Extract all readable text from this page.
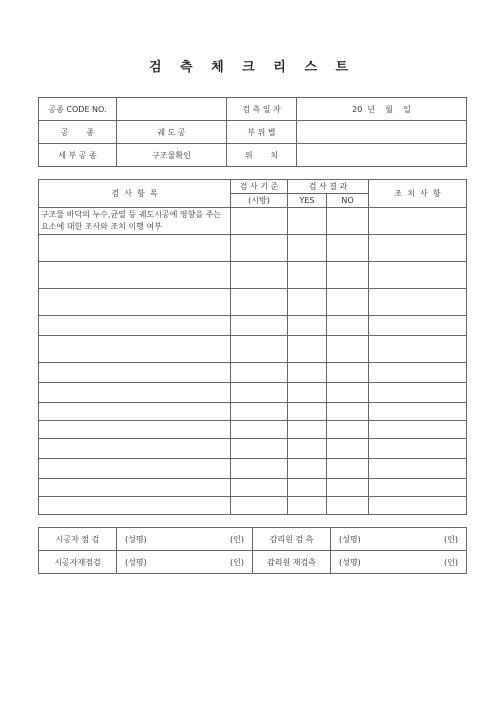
검 측 체 크 리 스 트
공종 CODE NO.		검 측 일 자	20  년    월    일
공       종	궤 도 공	부 위 별	
세 부 공 종	구조물확인	위       치	
검  사  항  목	검 사 기 준	검 사 결 과		조  치  사  항
	(시방)	YES	NO	
구조물 바닥의 누수,균열 등 궤도시공에 영향을 주는 요소에 대한 조사와 조치 이행 여부				

시공자 점 검	(성명) (인)	감리원 검 측	(성명) (인)

시공자재점검	(성명) (인)	감리원 재검측	(성명) (인)
